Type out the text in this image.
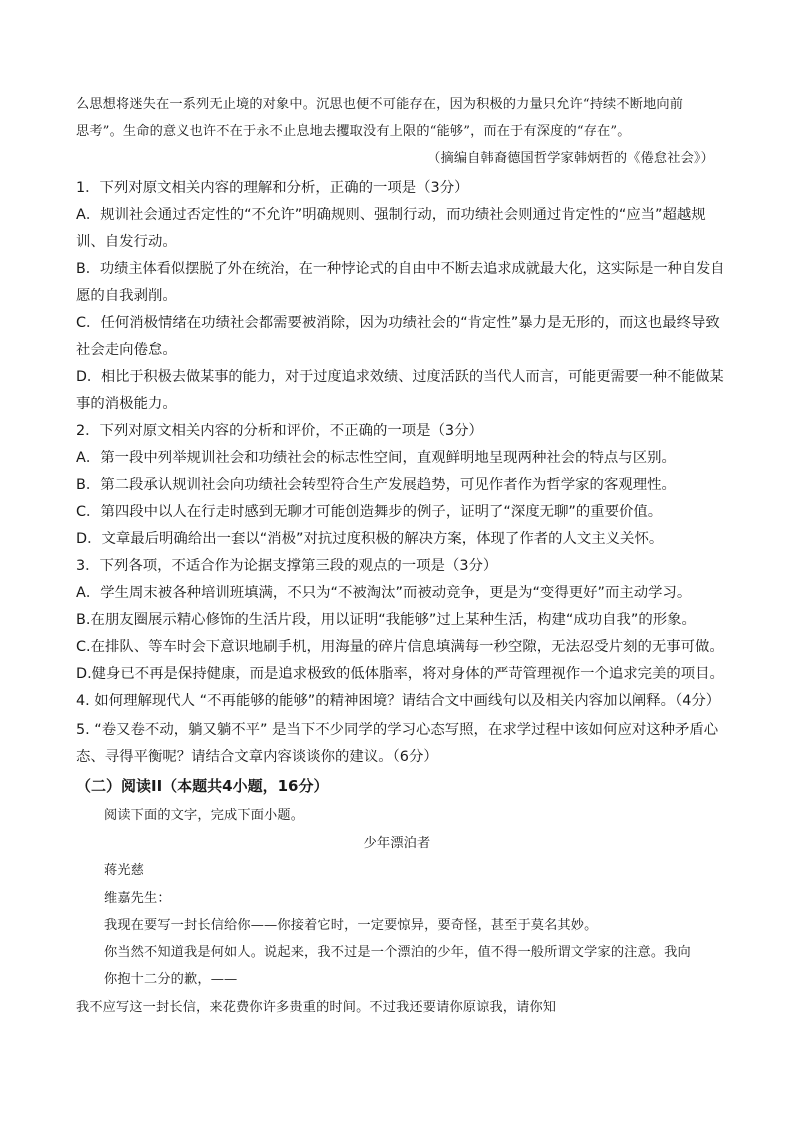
么思想将迷失在一系列无止境的对象中。沉思也便不可能存在，因为积极的力量只允许“持续不断地向前
思考”。生命的意义也许不在于永不止息地去攫取没有上限的“能够”，而在于有深度的“存在”。
（摘编自韩裔德国哲学家韩炳哲的《倦怠社会》）
1．下列对原文相关内容的理解和分析，正确的一项是（3分）
A．规训社会通过否定性的“不允许”明确规则、强制行动，而功绩社会则通过肯定性的“应当”超越规
训、自发行动。
B．功绩主体看似摆脱了外在统治，在一种悖论式的自由中不断去追求成就最大化，这实际是一种自发自
愿的自我剥削。
C．任何消极情绪在功绩社会都需要被消除，因为功绩社会的“肯定性”暴力是无形的，而这也最终导致
社会走向倦怠。
D．相比于积极去做某事的能力，对于过度追求效绩、过度活跃的当代人而言，可能更需要一种不能做某
事的消极能力。
2．下列对原文相关内容的分析和评价，不正确的一项是（3分）
A．第一段中列举规训社会和功绩社会的标志性空间，直观鲜明地呈现两种社会的特点与区别。
B．第二段承认规训社会向功绩社会转型符合生产发展趋势，可见作者作为哲学家的客观理性。
C．第四段中以人在行走时感到无聊才可能创造舞步的例子，证明了“深度无聊”的重要价值。
D．文章最后明确给出一套以“消极”对抗过度积极的解决方案，体现了作者的人文主义关怀。
3．下列各项，不适合作为论据支撑第三段的观点的一项是（3分）
A．学生周末被各种培训班填满，不只为“不被淘汰”而被动竞争，更是为“变得更好”而主动学习。
B.在朋友圈展示精心修饰的生活片段，用以证明“我能够”过上某种生活，构建“成功自我”的形象。
C.在排队、等车时会下意识地刷手机，用海量的碎片信息填满每一秒空隙，无法忍受片刻的无事可做。
D.健身已不再是保持健康，而是追求极致的低体脂率，将对身体的严苛管理视作一个追求完美的项目。
4. 如何理解现代人 “不再能够的能够”的精神困境？请结合文中画线句以及相关内容加以阐释。（4分）
5. “卷又卷不动，躺又躺不平” 是当下不少同学的学习心态写照，在求学过程中该如何应对这种矛盾心
态、寻得平衡呢？请结合文章内容谈谈你的建议。（6分）
（二）阅读II（本题共4小题，16分）
阅读下面的文字，完成下面小题。
少年漂泊者
蒋光慈
维嘉先生：
我现在要写一封长信给你——你接着它时，一定要惊异，要奇怪，甚至于莫名其妙。
你当然不知道我是何如人。说起来，我不过是一个漂泊的少年，值不得一般所谓文学家的注意。我向
你抱十二分的歉，——
我不应写这一封长信，来花费你许多贵重的时间。不过我还要请你原谅我，请你知
